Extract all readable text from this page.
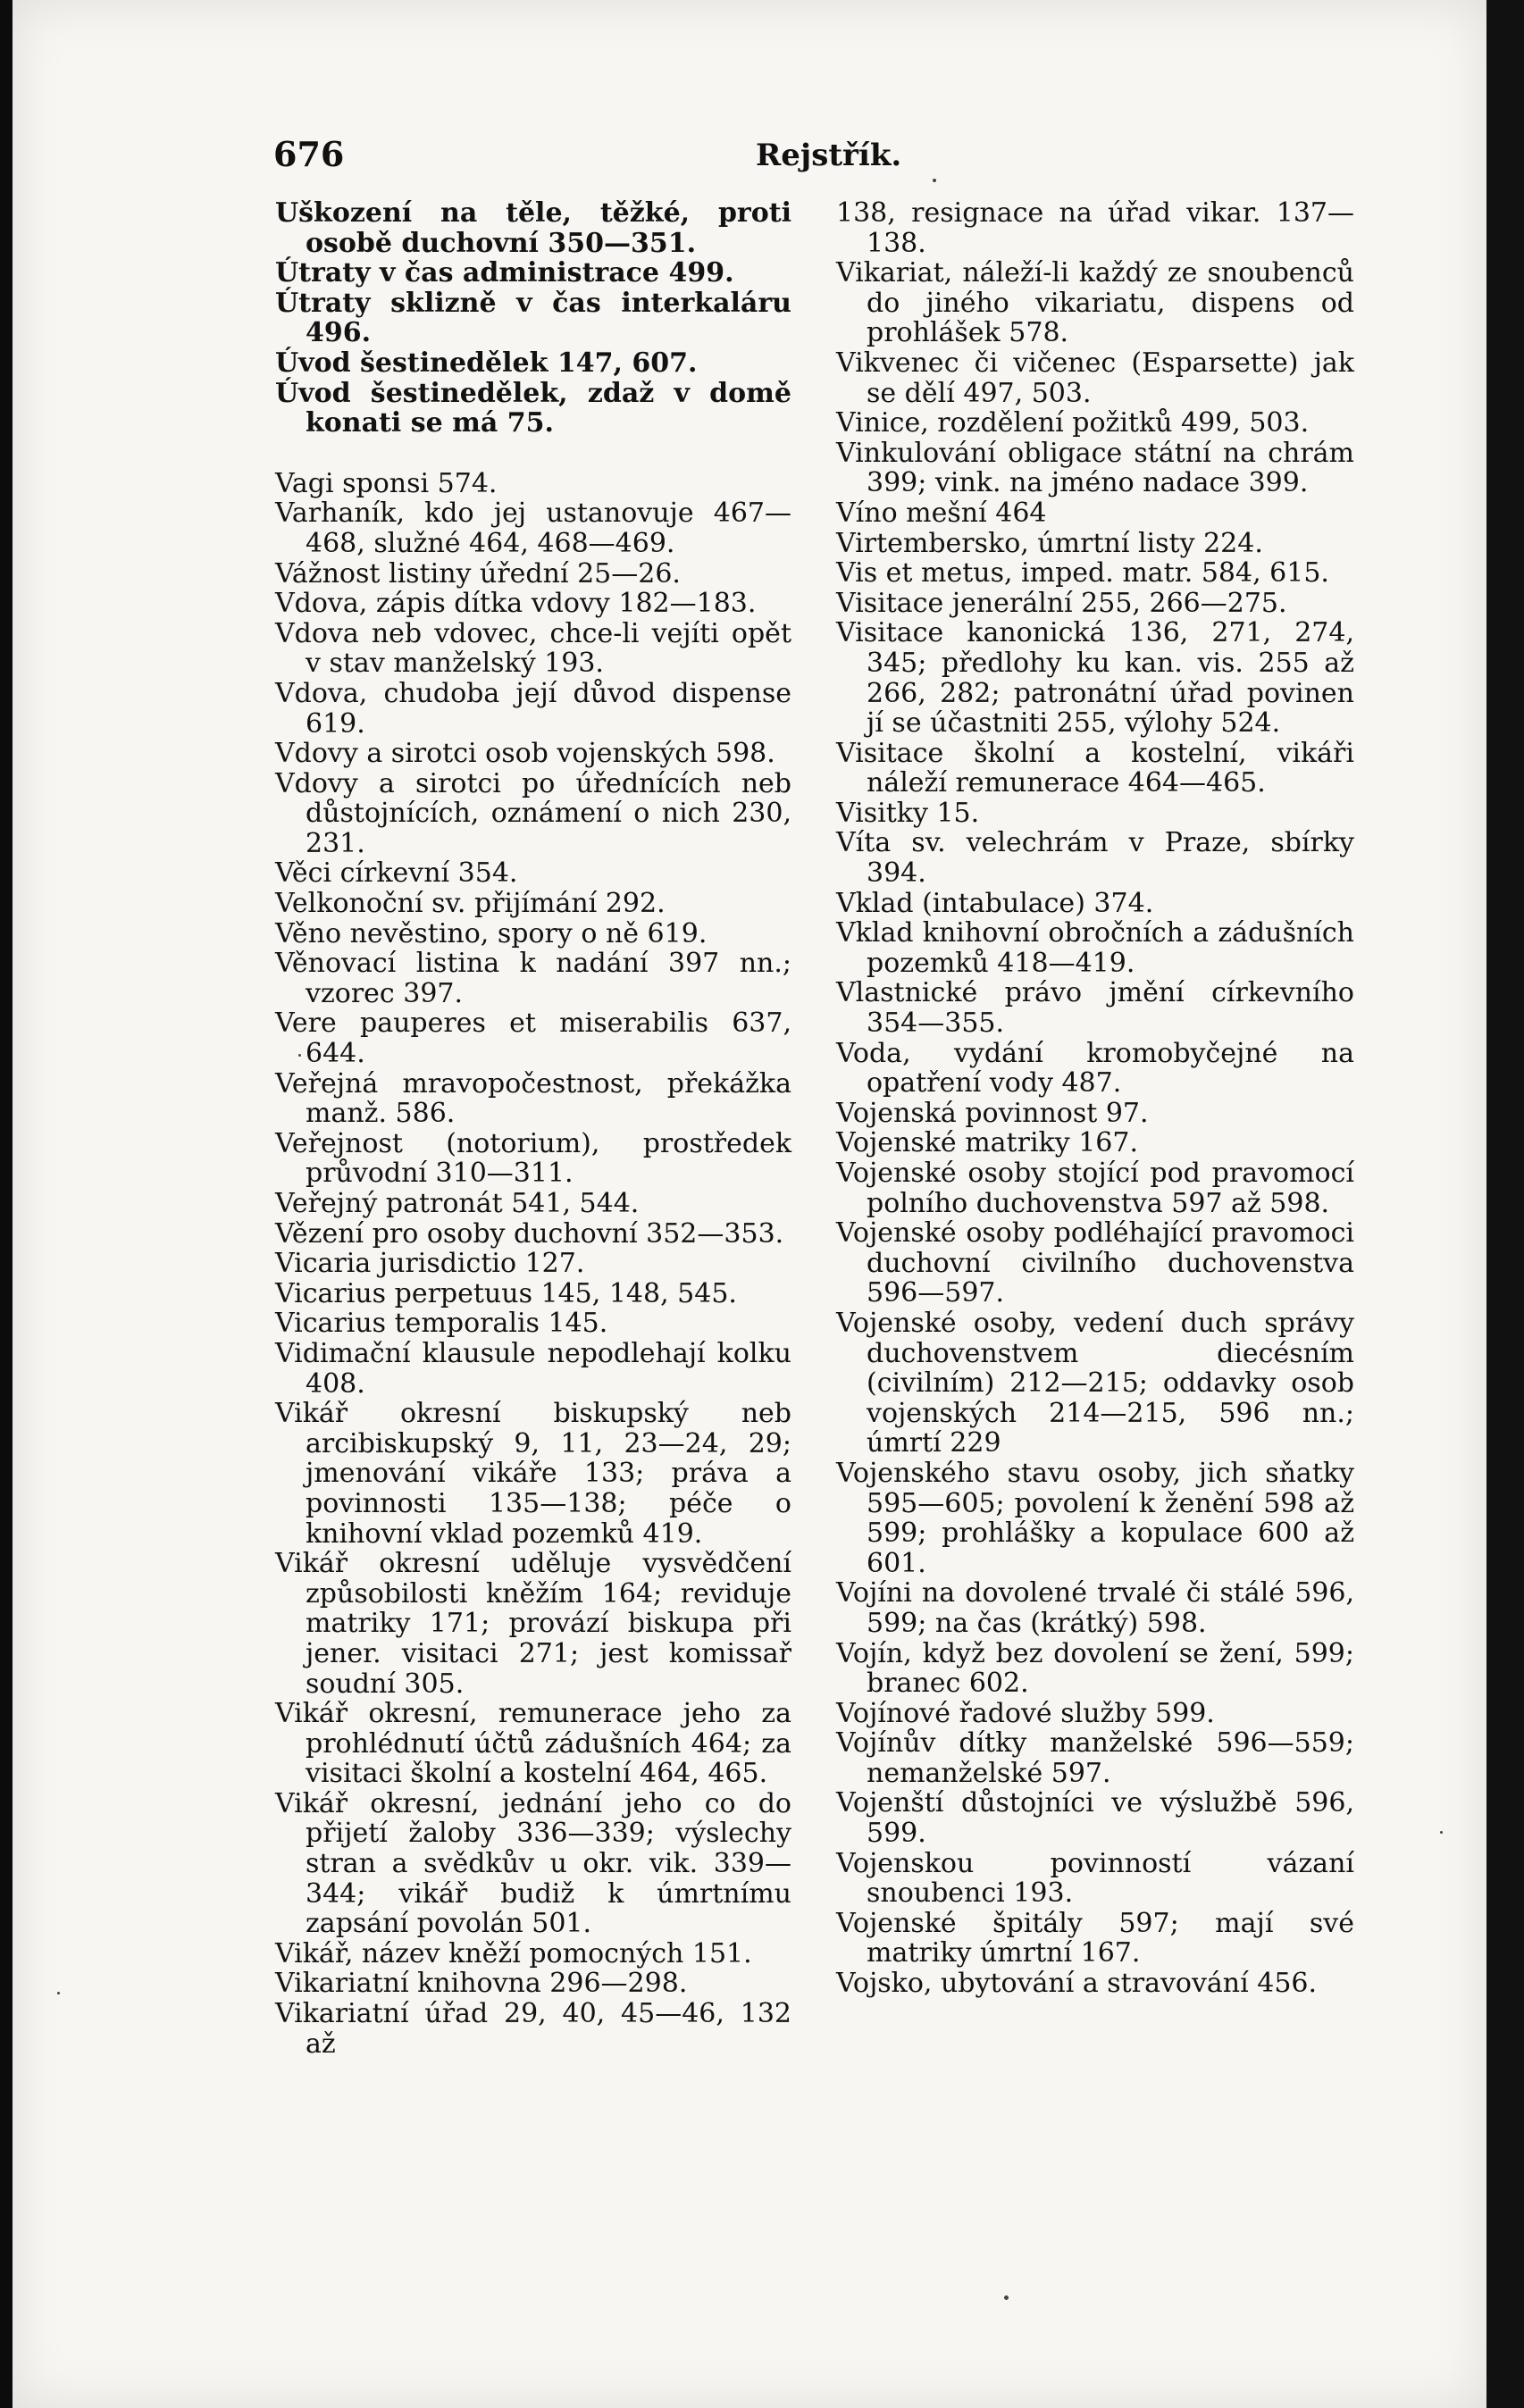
676	Rejstřík.

Uškození na těle, těžké, proti osobě duchovní 350—351.

Útraty v čas administrace 499.

Útraty sklizně v čas interkaláru 496.

Úvod šestinedělek 147, 607.

Úvod šestinedělek, zdaž v domě konati se má 75.

Vagi sponsi 574.

Varhaník, kdo jej ustanovuje 467—468, služné 464, 468—469.

Vážnost listiny úřední 25—26.

Vdova, zápis dítka vdovy 182—183.

Vdova neb vdovec, chce-li vejíti opět v stav manželský 193.

Vdova, chudoba její důvod dispense 619.

Vdovy a sirotci osob vojenských 598.

Vdovy a sirotci po úřednících neb důstojnících, oznámení o nich 230, 231.

Věci církevní 354.

Velkonoční sv. přijímání 292.

Věno nevěstino, spory o ně 619.

Věnovací listina k nadání 397 nn.; vzorec 397.

Vere pauperes et miserabilis 637, 644.

Veřejná mravopočestnost, překážka manž. 586.

Veřejnost (notorium), prostředek průvodní 310—311.

Veřejný patronát 541, 544.

Vězení pro osoby duchovní 352—353.

Vicaria jurisdictio 127.

Vicarius perpetuus 145, 148, 545.

Vicarius temporalis 145.

Vidimační klausule nepodlehají kolku 408.

Vikář okresní biskupský neb arcibiskupský 9, 11, 23—24, 29; jmenování vikáře 133; práva a povinnosti 135—138; péče o knihovní vklad pozemků 419.

Vikář okresní uděluje vysvědčení způsobilosti kněžím 164; reviduje matriky 171; provází biskupa při jener. visitaci 271; jest komissař soudní 305.

Vikář okresní, remunerace jeho za prohlédnutí účtů zádušních 464; za visitaci školní a kostelní 464, 465.

Vikář okresní, jednání jeho co do přijetí žaloby 336—339; výslechy stran a svědkův u okr. vik. 339—344; vikář budiž k úmrtnímu zapsání povolán 501.

Vikář, název kněží pomocných 151.

Vikariatní knihovna 296—298.

Vikariatní úřad 29, 40, 45—46, 132 až

138, resignace na úřad vikar. 137—138.

Vikariat, náleží-li každý ze snoubenců do jiného vikariatu, dispens od prohlášek 578.

Vikvenec či vičenec (Esparsette) jak se dělí 497, 503.

Vinice, rozdělení požitků 499, 503.

Vinkulování obligace státní na chrám 399; vink. na jméno nadace 399.

Víno mešní 464

Virtembersko, úmrtní listy 224.

Vis et metus, imped. matr. 584, 615.

Visitace jenerální 255, 266—275.

Visitace kanonická 136, 271, 274, 345; předlohy ku kan. vis. 255 až 266, 282; patronátní úřad povinen jí se účastniti 255, výlohy 524.

Visitace školní a kostelní, vikáři náleží remunerace 464—465.

Visitky 15.

Víta sv. velechrám v Praze, sbírky 394.

Vklad (intabulace) 374.

Vklad knihovní obročních a zádušních pozemků 418—419.

Vlastnické právo jmění církevního 354—355.

Voda, vydání kromobyčejné na opatření vody 487.

Vojenská povinnost 97.

Vojenské matriky 167.

Vojenské osoby stojící pod pravomocí polního duchovenstva 597 až 598.

Vojenské osoby podléhající pravomoci duchovní civilního duchovenstva 596—597.

Vojenské osoby, vedení duch správy duchovenstvem diecésním (civilním) 212—215; oddavky osob vojenských 214—215, 596 nn.; úmrtí 229

Vojenského stavu osoby, jich sňatky 595—605; povolení k ženění 598 až 599; prohlášky a kopulace 600 až 601.

Vojíni na dovolené trvalé či stálé 596, 599; na čas (krátký) 598.

Vojín, když bez dovolení se žení, 599; branec 602.

Vojínové řadové služby 599.

Vojínův dítky manželské 596—559; nemanželské 597.

Vojenští důstojníci ve výslužbě 596, 599.

Vojenskou povinností vázaní snoubenci 193.

Vojenské špitály 597; mají své matriky úmrtní 167.

Vojsko, ubytování a stravování 456.
